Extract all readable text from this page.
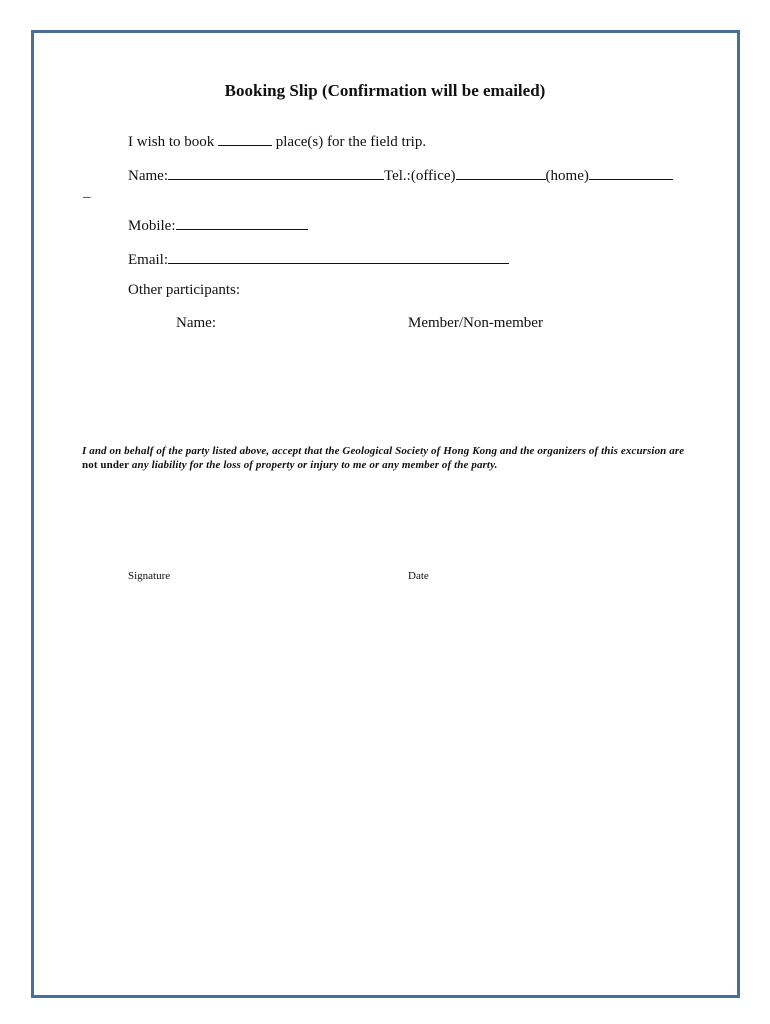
Booking Slip (Confirmation will be emailed)
I wish to book	place(s) for the field trip.
Name:	Tel.:(office)	(home)
_
Mobile:
Email:
Other participants:
Name:	Member/Non-member
I and on behalf of the party listed above, accept that the Geological Society of Hong Kong and the organizers of this excursion are not under any liability for the loss of property or injury to me or any member of the party.
Signature	Date
